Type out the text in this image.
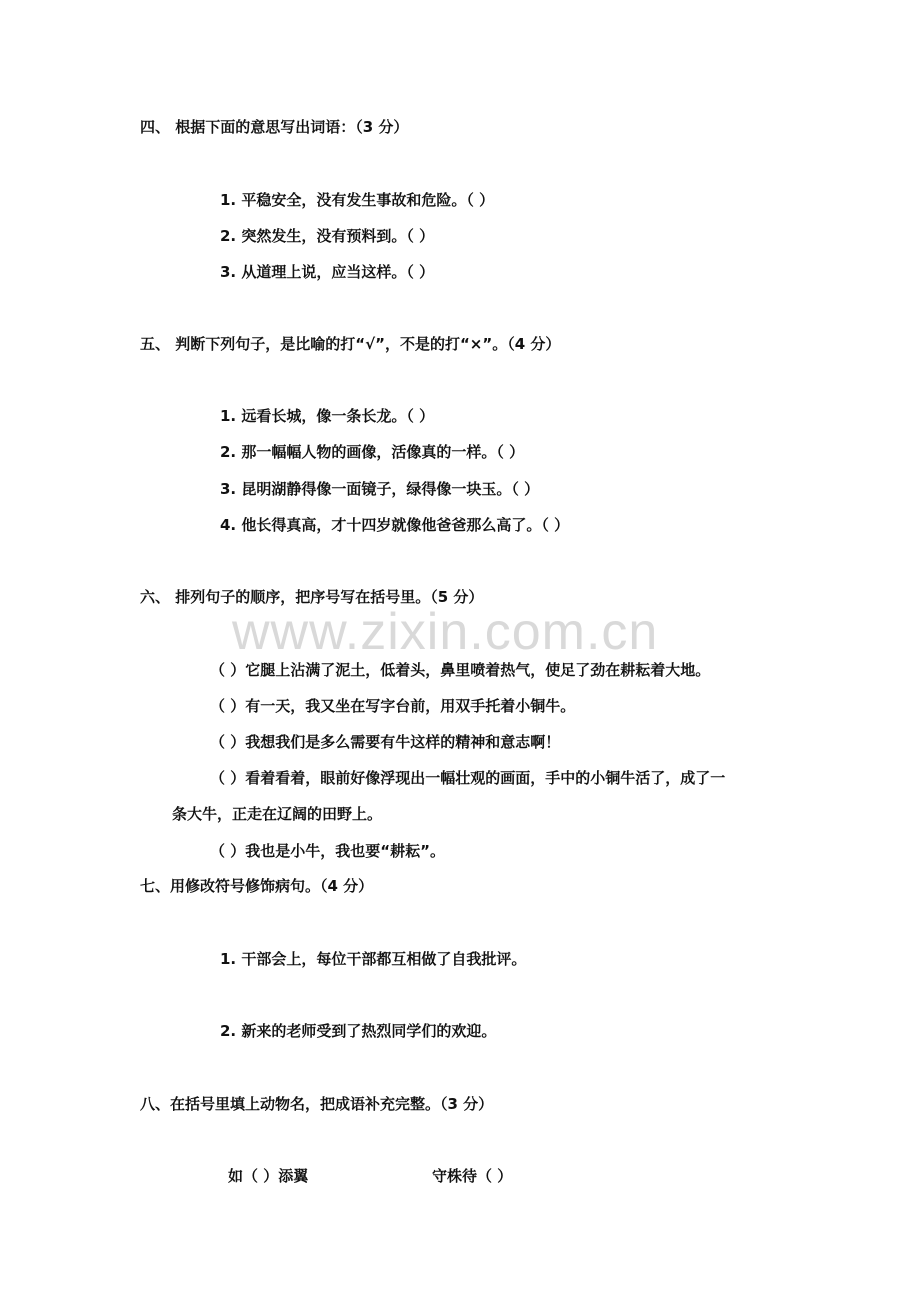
www.zixin.com.cn
四、 根据下面的意思写出词语：（3 分）
1. 平稳安全，没有发生事故和危险。（ ）
2. 突然发生，没有预料到。（ ）
3. 从道理上说，应当这样。（ ）
五、 判断下列句子，是比喻的打“√”，不是的打“×”。（4 分）
1. 远看长城，像一条长龙。（ ）
2. 那一幅幅人物的画像，活像真的一样。（ ）
3. 昆明湖静得像一面镜子，绿得像一块玉。（ ）
4. 他长得真高，才十四岁就像他爸爸那么高了。（ ）
六、 排列句子的顺序，把序号写在括号里。（5 分）
（ ）它腿上沾满了泥土，低着头，鼻里喷着热气，使足了劲在耕耘着大地。
（ ）有一天，我又坐在写字台前，用双手托着小铜牛。
（ ）我想我们是多么需要有牛这样的精神和意志啊！
（ ）看着看着，眼前好像浮现出一幅壮观的画面，手中的小铜牛活了，成了一
条大牛，正走在辽阔的田野上。
（ ）我也是小牛，我也要“耕耘”。
七、用修改符号修饰病句。（4 分）
1. 干部会上，每位干部都互相做了自我批评。
2. 新来的老师受到了热烈同学们的欢迎。
八、在括号里填上动物名，把成语补充完整。（3 分）
如（ ）添翼	守株待（ ）
